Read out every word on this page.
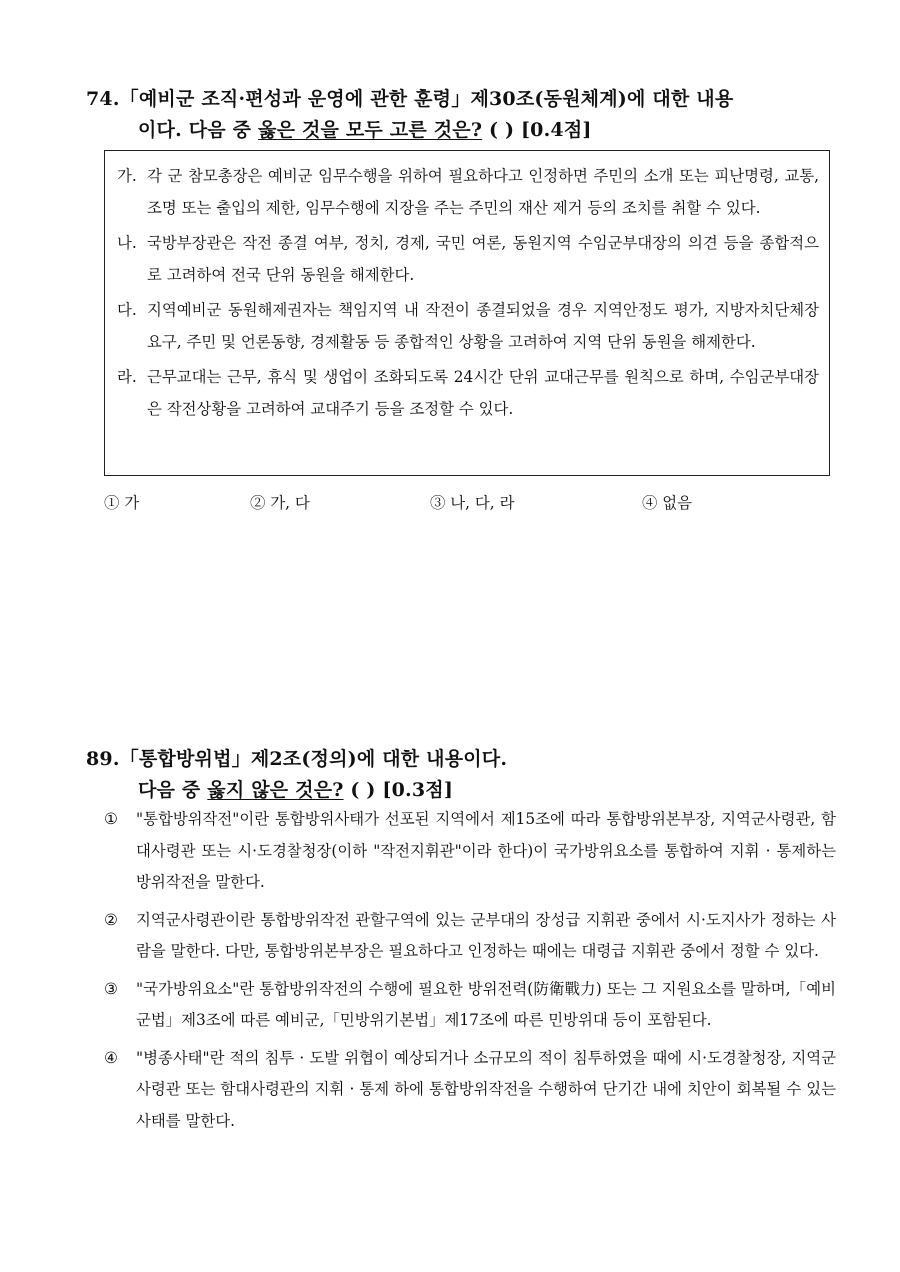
74.「예비군 조직·편성과 운영에 관한 훈령」제30조(동원체계)에 대한 내용
이다. 다음 중 옳은 것을 모두 고른 것은? ( ) [0.4점]
가. 각 군 참모총장은 예비군 임무수행을 위하여 필요하다고 인정하면 주민의 소개 또는 피난명령, 교통, 조명 또는 출입의 제한, 임무수행에 지장을 주는 주민의 재산 제거 등의 조치를 취할 수 있다.
나. 국방부장관은 작전 종결 여부, 정치, 경제, 국민 여론, 동원지역 수임군부대장의 의견 등을 종합적으로 고려하여 전국 단위 동원을 해제한다.
다. 지역예비군 동원해제권자는 책임지역 내 작전이 종결되었을 경우 지역안정도 평가, 지방자치단체장 요구, 주민 및 언론동향, 경제활동 등 종합적인 상황을 고려하여 지역 단위 동원을 해제한다.
라. 근무교대는 근무, 휴식 및 생업이 조화되도록 24시간 단위 교대근무를 원칙으로 하며, 수임군부대장은 작전상황을 고려하여 교대주기 등을 조정할 수 있다.
① 가	② 가, 다	③ 나, 다, 라	④ 없음
89.「통합방위법」제2조(정의)에 대한 내용이다.
다음 중 옳지 않은 것은? ( ) [0.3점]
①	"통합방위작전"이란 통합방위사태가 선포된 지역에서 제15조에 따라 통합방위본부장, 지역군사령관, 함대사령관 또는 시·도경찰청장(이하 "작전지휘관"이라 한다)이 국가방위요소를 통합하여 지휘 · 통제하는 방위작전을 말한다.
②	지역군사령관이란 통합방위작전 관할구역에 있는 군부대의 장성급 지휘관 중에서 시·도지사가 정하는 사람을 말한다. 다만, 통합방위본부장은 필요하다고 인정하는 때에는 대령급 지휘관 중에서 정할 수 있다.
③	"국가방위요소"란 통합방위작전의 수행에 필요한 방위전력(防衛戰力) 또는 그 지원요소를 말하며,「예비군법」제3조에 따른 예비군,「민방위기본법」제17조에 따른 민방위대 등이 포함된다.
④	"병종사태"란 적의 침투 · 도발 위협이 예상되거나 소규모의 적이 침투하였을 때에 시·도경찰청장, 지역군사령관 또는 함대사령관의 지휘 · 통제 하에 통합방위작전을 수행하여 단기간 내에 치안이 회복될 수 있는 사태를 말한다.
